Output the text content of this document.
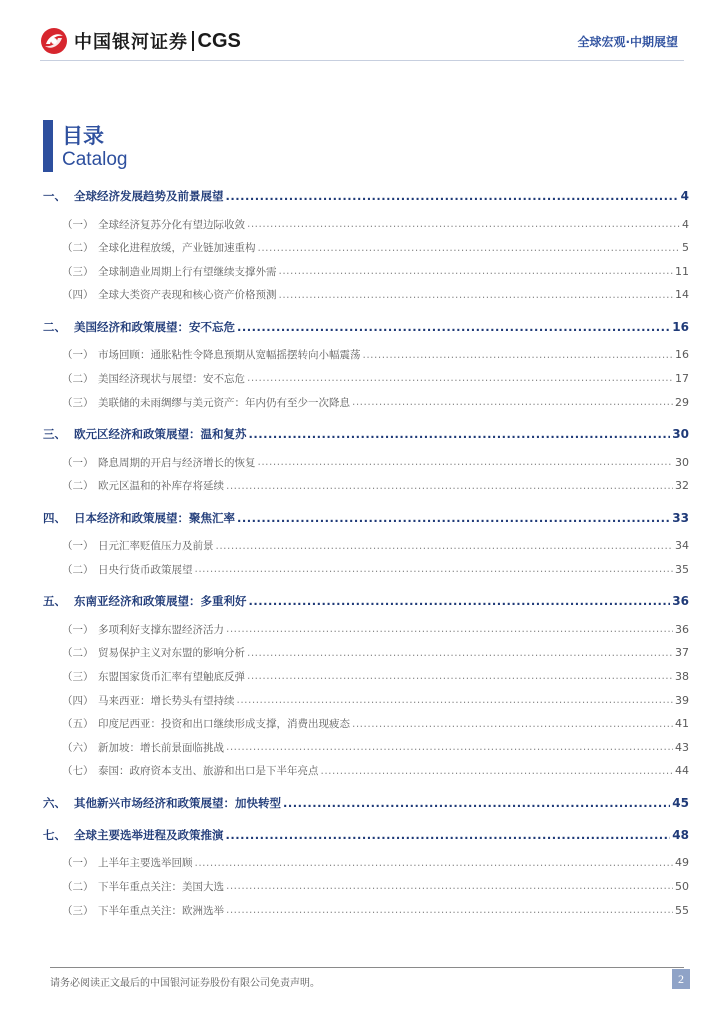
中国银河证券 CGS	全球宏观·中期展望
目录
Catalog
一、 全球经济发展趋势及前景展望 .....	4
（一） 全球经济复苏分化有望边际收敛 .....	4
（二） 全球化进程放缓，产业链加速重构 .....	5
（三） 全球制造业周期上行有望继续支撑外需 .....	11
（四） 全球大类资产表现和核心资产价格预测 .....	14
二、 美国经济和政策展望：安不忘危 .....	16
（一） 市场回顾：通胀粘性令降息预期从宽幅摇摆转向小幅震荡 .....	16
（二） 美国经济现状与展望：安不忘危 .....	17
（三） 美联储的未雨绸缪与美元资产：年内仍有至少一次降息 .....	29
三、 欧元区经济和政策展望：温和复苏 .....	30
（一） 降息周期的开启与经济增长的恢复 .....	30
（二） 欧元区温和的补库存将延续 .....	32
四、 日本经济和政策展望：聚焦汇率 .....	33
（一） 日元汇率贬值压力及前景 .....	34
（二） 日央行货币政策展望 .....	35
五、 东南亚经济和政策展望：多重利好 .....	36
（一） 多项利好支撑东盟经济活力 .....	36
（二） 贸易保护主义对东盟的影响分析 .....	37
（三） 东盟国家货币汇率有望触底反弹 .....	38
（四） 马来西亚：增长势头有望持续 .....	39
（五） 印度尼西亚：投资和出口继续形成支撑，消费出现疲态 .....	41
（六） 新加坡：增长前景面临挑战 .....	43
（七） 泰国：政府资本支出、旅游和出口是下半年亮点 .....	44
六、 其他新兴市场经济和政策展望：加快转型 .....	45
七、 全球主要选举进程及政策推演 .....	48
（一） 上半年主要选举回顾 .....	49
（二） 下半年重点关注：美国大选 .....	50
（三） 下半年重点关注：欧洲选举 .....	55
请务必阅读正文最后的中国银河证券股份有限公司免责声明。	2
